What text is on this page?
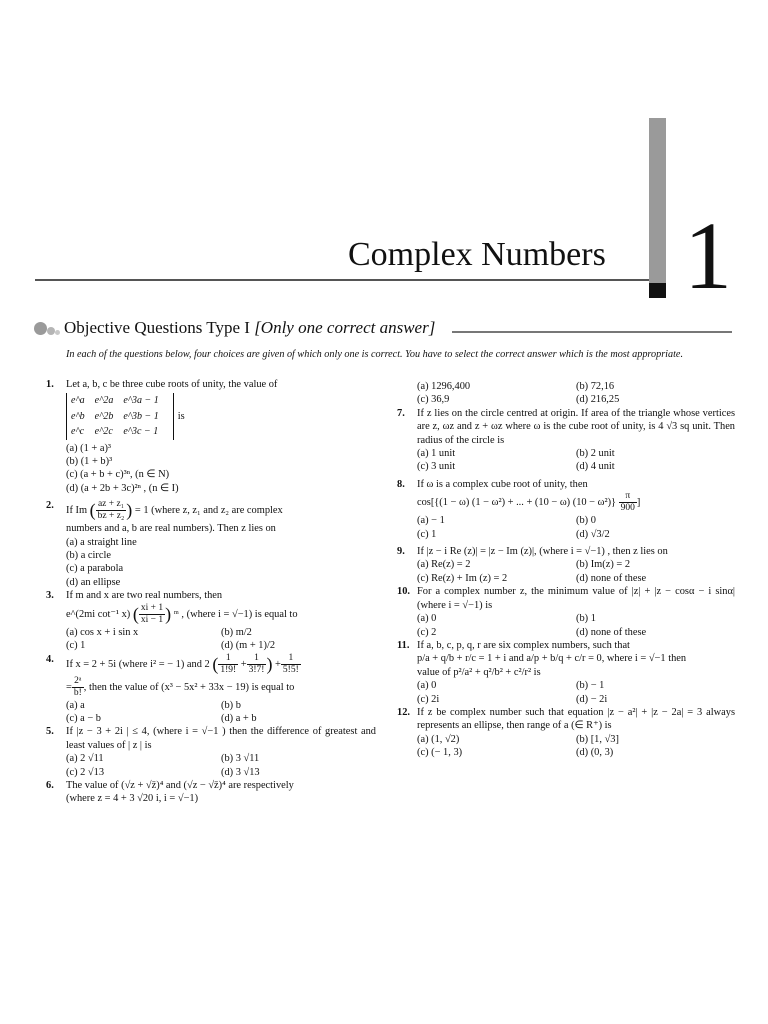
Complex Numbers 1
Objective Questions Type I [Only one correct answer]
In each of the questions below, four choices are given of which only one is correct. You have to select the correct answer which is the most appropriate.
1. Let a, b, c be three cube roots of unity, the value of
e^a	e^2a	e^3a − 1
e^b	e^2b	e^3b − 1
e^c	e^2c	e^3c − 1
is
(a) (1 + a)³
(b) (1 + b)³
(c) (a + b + c)³ⁿ, (n ∈ N)
(d) (a + 2b + 3c)²ⁿ , (n ∈ I)
2. If Im ( $\frac{\text{az + z₁}}{\text{bz + z₂}}$ ) = 1 (where z, z₁ and z₂ are complex
numbers and a, b are real numbers). Then z lies on
(a) a straight line
(b) a circle
(c) a parabola
(d) an ellipse
3. If m and x are two real numbers, then
e^(2mi cot⁻¹ x) ( $\frac{xi + 1}{xi - 1}$ ) ᵐ , (where i = √−1) is equal to
(a) cos x + i sin x	(b) m/2
(c) 1	(d) (m + 1)/2
4. If x = 2 + 5i (where i² = − 1) and 2 ( $\frac{1}{1!9!} + \frac{1}{3!7!}$ ) + $\frac{1}{5!5!}$
= $\frac{\text{2ᵃ}}{b!}$ , then the value of (x³ − 5x² + 33x − 19) is equal to
(a) a	(b) b
(c) a − b	(d) a + b
5. If |z − 3 + 2i | ≤ 4, (where i = √−1 ) then the difference of greatest and least values of | z | is
(a) 2 √11	(b) 3 √11
(c) 2 √13	(d) 3 √13
6. The value of (√z + √z̄)⁴ and (√z − √z̄)⁴ are respectively
(where z = 4 + 3 √20 i, i = √−1)
(a) 1296,400	(b) 72,16
(c) 36,9	(d) 216,25
7. If z lies on the circle centred at origin. If area of the triangle whose vertices are z, ωz and z + ωz where ω is the cube root of unity, is 4 √3 sq unit. Then radius of the circle is
(a) 1 unit	(b) 2 unit
(c) 3 unit	(d) 4 unit
8. If ω is a complex cube root of unity, then
cos[{(1 − ω) (1 − ω²) + ... + (10 − ω) $(10 - \omega^2)\} \frac{\pi}{900}$ ]
(a) − 1	(b) 0
(c) 1	(d) √3/2
9. If |z − i Re (z)| = |z − Im (z)|, (where i = √−1) , then z lies on
(a) Re(z) = 2	(b) Im(z) = 2
(c) Re(z) + Im (z) = 2	(d) none of these
10. For a complex number z, the minimum value of |z| + |z − cosα − i sinα| (where i = √−1) is
(a) 0	(b) 1
(c) 2	(d) none of these
11. If a, b, c, p, q, r are six complex numbers, such that
p/a + q/b + r/c = 1 + i and a/p + b/q + c/r = 0, where i = √−1 then
value of p²/a² + q²/b² + c²/r² is
(a) 0	(b) − 1
(c) 2i	(d) − 2i
12. If z be complex number such that equation |z − a²| + |z − 2a| = 3 always represents an ellipse, then range of a (∈ R⁺) is
(a) (1, √2)	(b) [1, √3]
(c) (− 1, 3)	(d) (0, 3)
